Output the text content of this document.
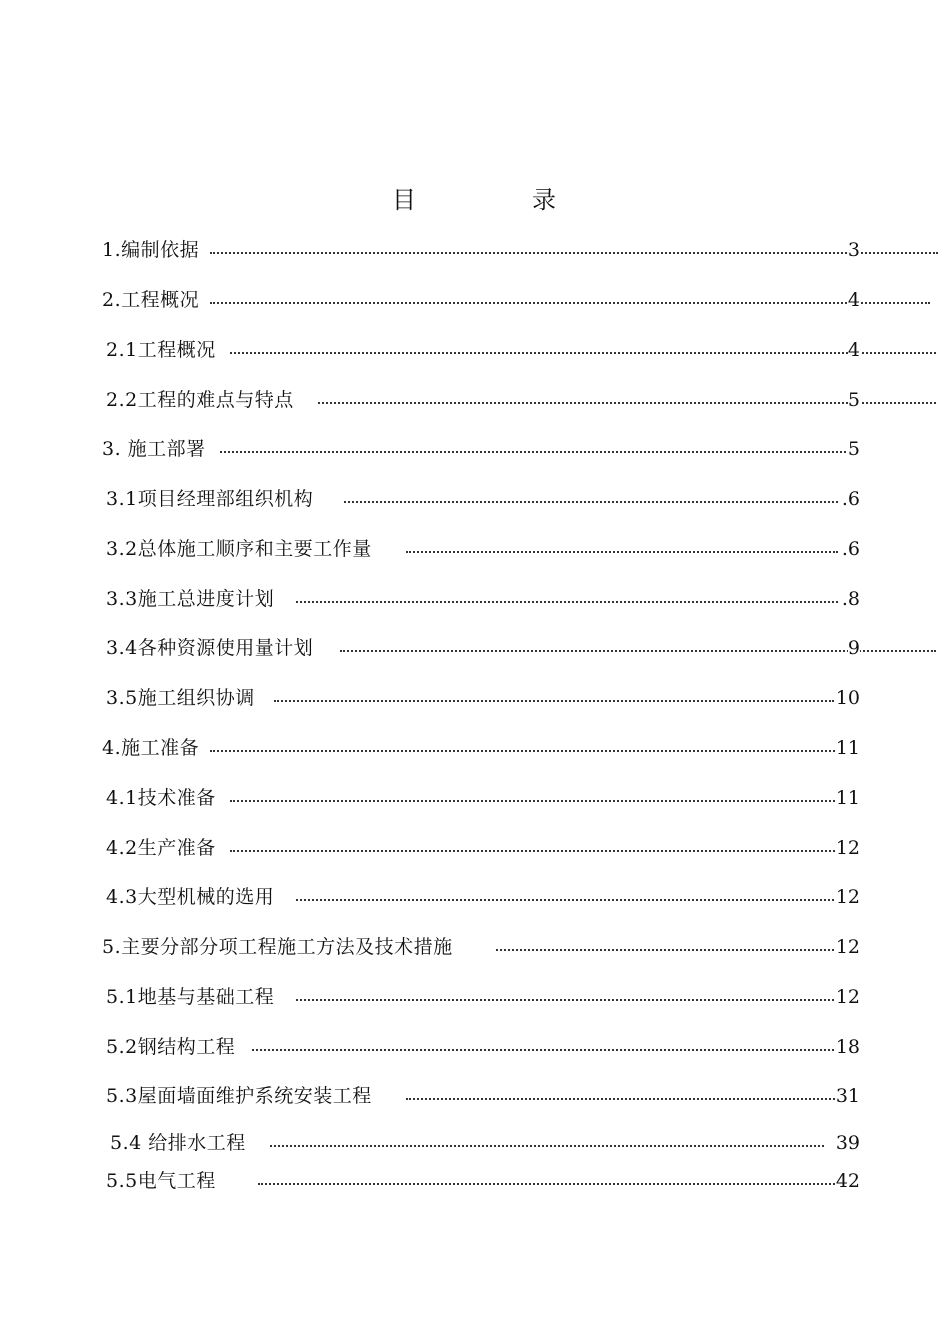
目	录
1.编制依据	3
2.工程概况	4
2.1工程概况	4
2.2工程的难点与特点	5
3. 施工部署	5
3.1项目经理部组织机构	.6
3.2总体施工顺序和主要工作量	.6
3.3施工总进度计划	.8
3.4各种资源使用量计划	9
3.5施工组织协调	10
4.施工准备	11
4.1技术准备	11
4.2生产准备	12
4.3大型机械的选用	12
5.主要分部分项工程施工方法及技术措施	12
5.1地基与基础工程	12
5.2钢结构工程	18
5.3屋面墙面维护系统安装工程	31
5.4 给排水工程	39
5.5电气工程	42
